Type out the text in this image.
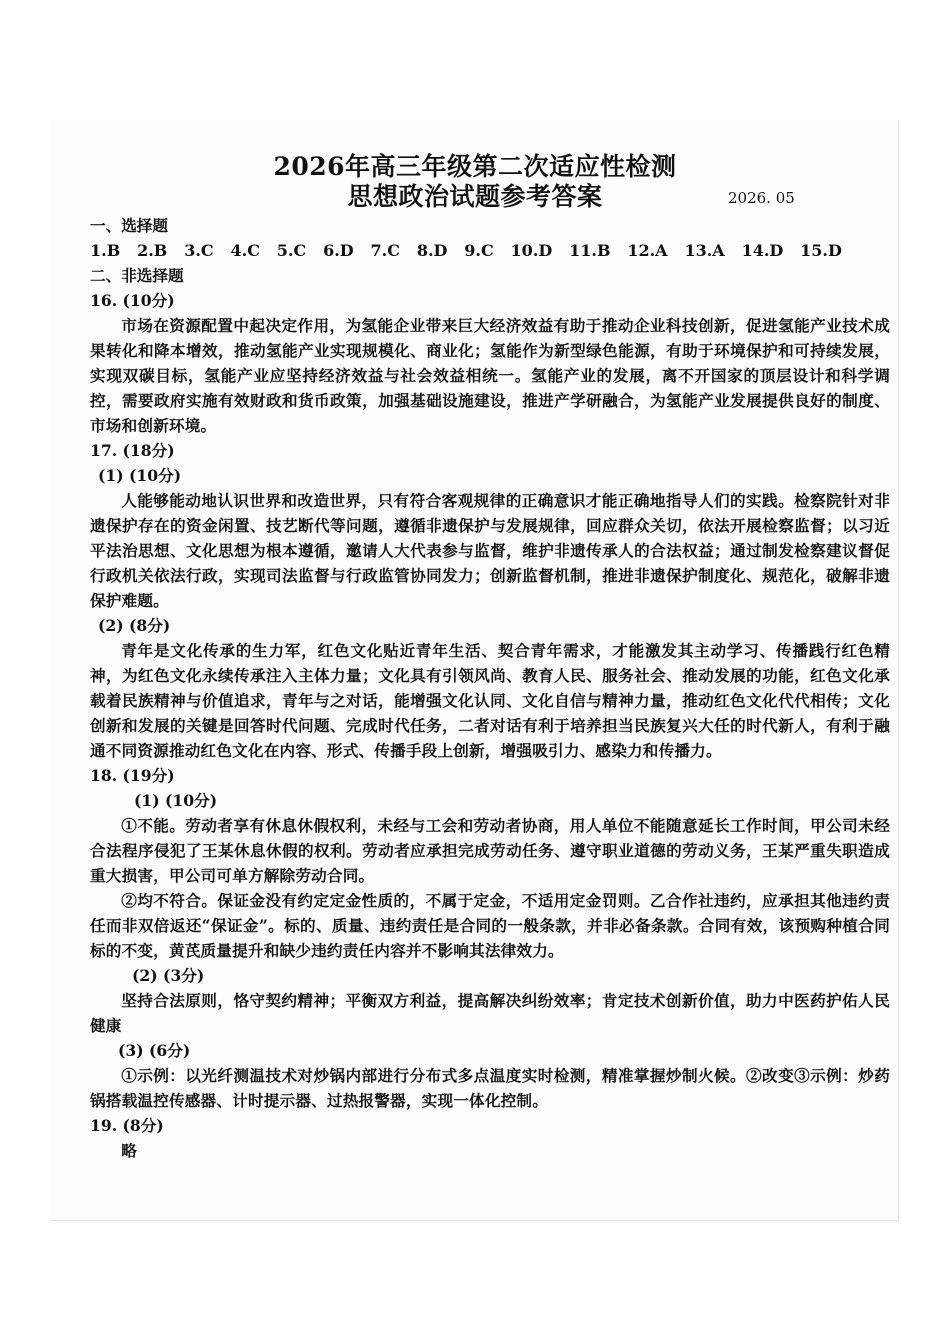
2026年高三年级第二次适应性检测
思想政治试题参考答案	2026. 05

一、选择题

1.B 2.B 3.C 4.C 5.C 6.D 7.C 8.D 9.C 10.D 11.B 12.A 13.A 14.D 15.D

二、非选择题

16. (10分)

市场在资源配置中起决定作用，为氢能企业带来巨大经济效益有助于推动企业科技创新，促进氢能产业技术成果转化和降本增效，推动氢能产业实现规模化、商业化；氢能作为新型绿色能源，有助于环境保护和可持续发展，实现双碳目标，氢能产业应坚持经济效益与社会效益相统一。氢能产业的发展，离不开国家的顶层设计和科学调控，需要政府实施有效财政和货币政策，加强基础设施建设，推进产学研融合，为氢能产业发展提供良好的制度、市场和创新环境。

17. (18分)

(1) (10分)

人能够能动地认识世界和改造世界，只有符合客观规律的正确意识才能正确地指导人们的实践。检察院针对非遗保护存在的资金闲置、技艺断代等问题，遵循非遗保护与发展规律，回应群众关切，依法开展检察监督；以习近平法治思想、文化思想为根本遵循，邀请人大代表参与监督，维护非遗传承人的合法权益；通过制发检察建议督促行政机关依法行政，实现司法监督与行政监管协同发力；创新监督机制，推进非遗保护制度化、规范化，破解非遗保护难题。

(2) (8分)

青年是文化传承的生力军，红色文化贴近青年生活、契合青年需求，才能激发其主动学习、传播践行红色精神，为红色文化永续传承注入主体力量；文化具有引领风尚、教育人民、服务社会、推动发展的功能，红色文化承载着民族精神与价值追求，青年与之对话，能增强文化认同、文化自信与精神力量，推动红色文化代代相传；文化创新和发展的关键是回答时代问题、完成时代任务，二者对话有利于培养担当民族复兴大任的时代新人，有利于融通不同资源推动红色文化在内容、形式、传播手段上创新，增强吸引力、感染力和传播力。

18. (19分)

(1) (10分)

①不能。劳动者享有休息休假权利，未经与工会和劳动者协商，用人单位不能随意延长工作时间，甲公司未经合法程序侵犯了王某休息休假的权利。劳动者应承担完成劳动任务、遵守职业道德的劳动义务，王某严重失职造成重大损害，甲公司可单方解除劳动合同。

②均不符合。保证金没有约定定金性质的，不属于定金，不适用定金罚则。乙合作社违约，应承担其他违约责任而非双倍返还“保证金”。标的、质量、违约责任是合同的一般条款，并非必备条款。合同有效，该预购种植合同标的不变，黄芪质量提升和缺少违约责任内容并不影响其法律效力。

(2) (3分)

坚持合法原则，恪守契约精神；平衡双方利益，提高解决纠纷效率；肯定技术创新价值，助力中医药护佑人民健康

(3) (6分)

①示例：以光纤测温技术对炒锅内部进行分布式多点温度实时检测，精准掌握炒制火候。②改变③示例：炒药锅搭载温控传感器、计时提示器、过热报警器，实现一体化控制。

19. (8分)

略
